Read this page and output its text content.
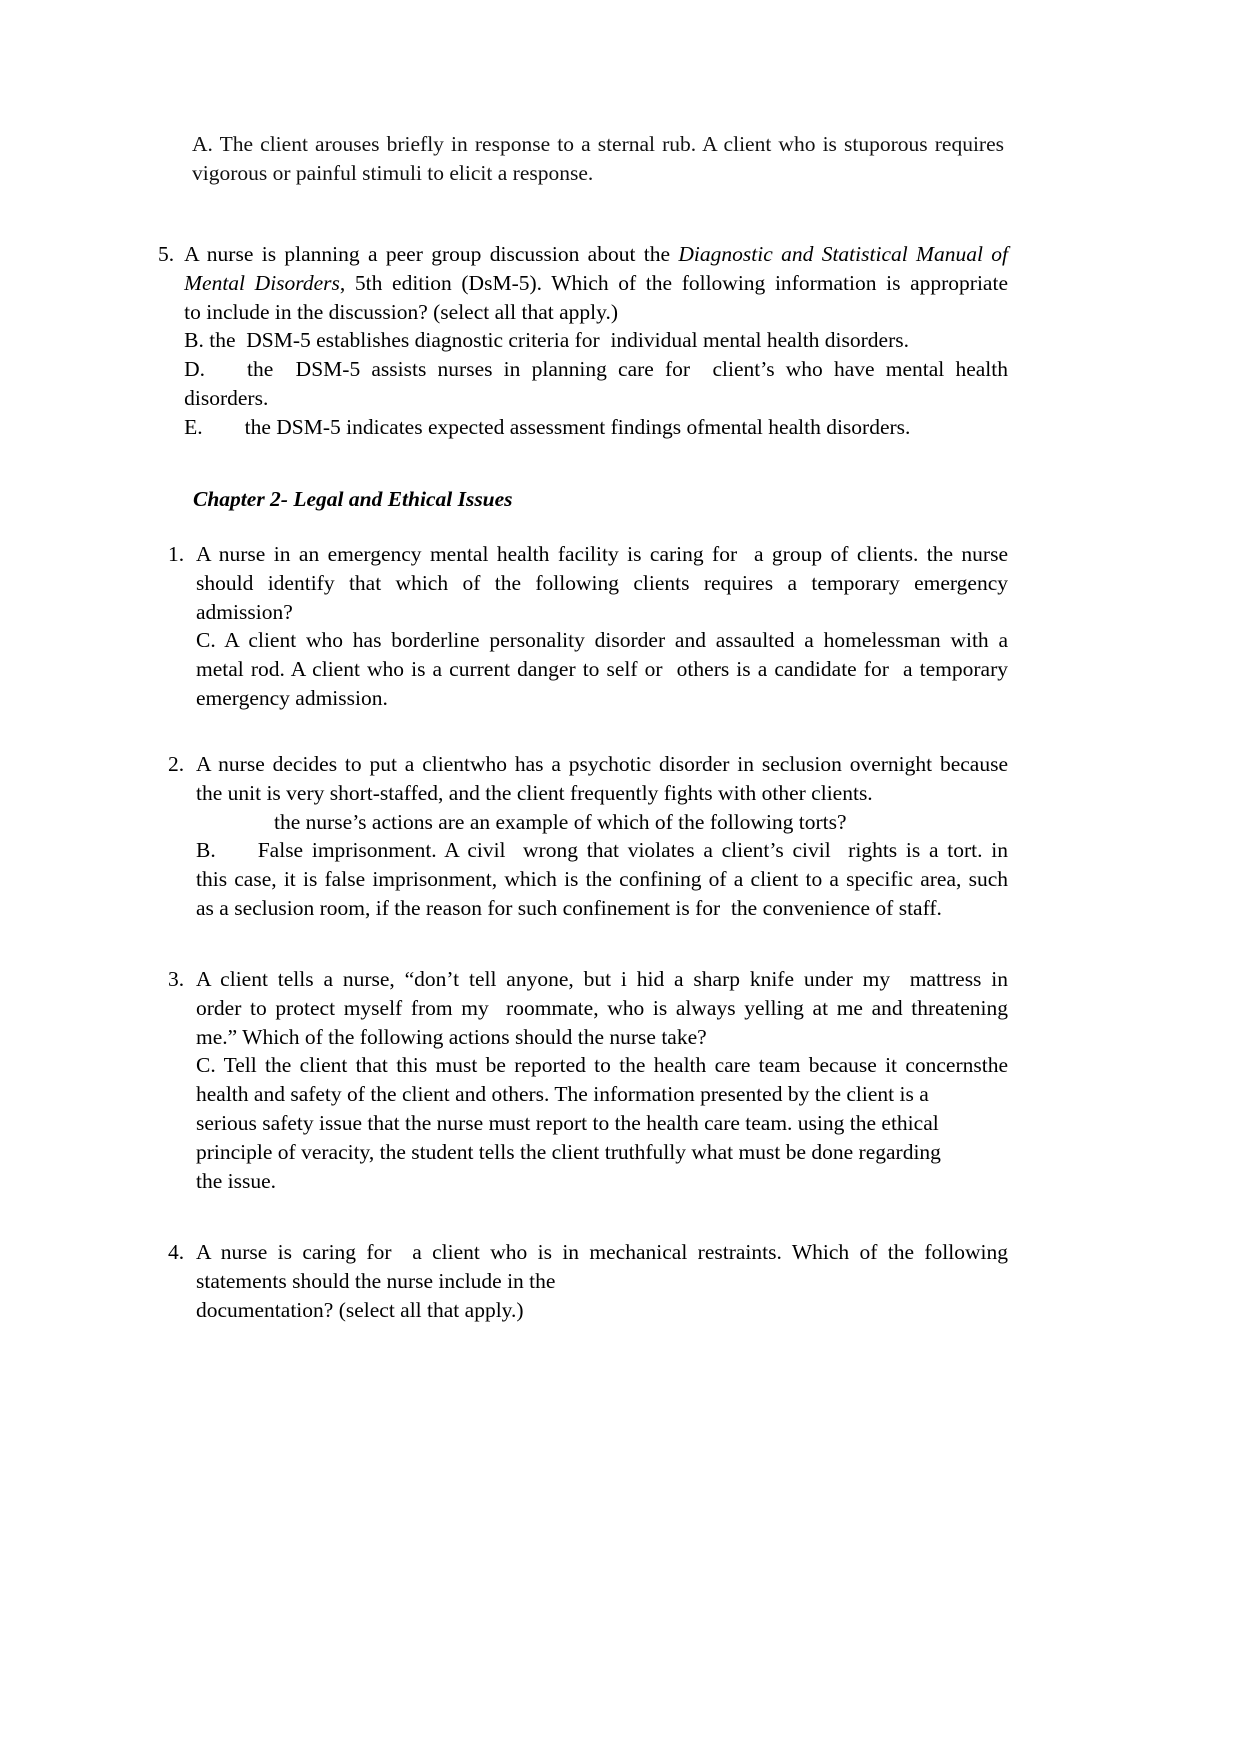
A. The client arouses briefly in response to a sternal rub. A client who is stuporous requires

vigorous or painful stimuli to elicit a response.

5. A nurse is planning a peer group discussion about the Diagnostic and Statistical Manual of
Mental Disorders, 5th edition (DsM-5). Which of the following information is appropriate
to include in the discussion? (select all that apply.)
B. the  DSM-5 establishes diagnostic criteria for  individual mental health disorders.
D. the  DSM-5 assists nurses in planning care for  client’s who have mental health
disorders.
E. the DSM-5 indicates expected assessment findings ofmental health disorders.
Chapter 2- Legal and Ethical Issues
1. A nurse in an emergency mental health facility is caring for  a group of clients. the nurse
should identify that which of the following clients requires a temporary emergency
admission?
C. A client who has borderline personality disorder and assaulted a homelessman with a
metal rod. A client who is a current danger to self or  others is a candidate for  a temporary
emergency admission.
2. A nurse decides to put a clientwho has a psychotic disorder in seclusion overnight because
the unit is very short-staffed, and the client frequently fights with other clients.
the nurse’s actions are an example of which of the following torts?
B. False imprisonment. A civil  wrong that violates a client’s civil  rights is a tort. in
this case, it is false imprisonment, which is the confining of a client to a specific area, such
as a seclusion room, if the reason for such confinement is for  the convenience of staff.
3. A client tells a nurse, “don’t tell anyone, but i hid a sharp knife under my  mattress in
order to protect myself from my  roommate, who is always yelling at me and threatening
me.” Which of the following actions should the nurse take?
C. Tell the client that this must be reported to the health care team because it concernsthe
health and safety of the client and others. The information presented by the client is a
serious safety issue that the nurse must report to the health care team. using the ethical
principle of veracity, the student tells the client truthfully what must be done regarding
the issue.
4. A nurse is caring for  a client who is in mechanical restraints. Which of the following
statements should the nurse include in the
documentation? (select all that apply.)
